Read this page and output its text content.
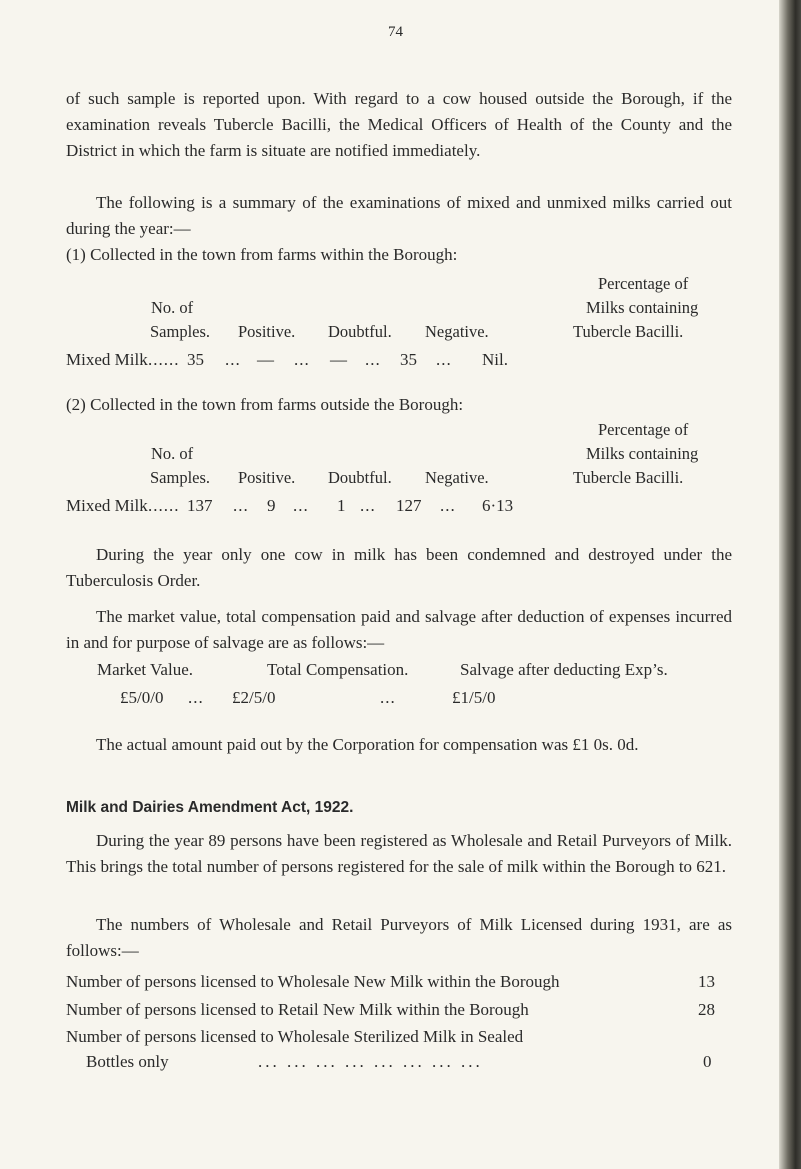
74
of such sample is reported upon. With regard to a cow housed outside the Borough, if the examination reveals Tubercle Bacilli, the Medical Officers of Health of the County and the District in which the farm is situate are notified immediately.
The following is a summary of the examinations of mixed and unmixed milks carried out during the year:—
(1) Collected in the town from farms within the Borough:
Percentage of
No. of	Milks containing
Samples. Positive. Doubtful. Negative.	Tubercle Bacilli.
Mixed Milk ...... 35 ... — ... — ... 35 ... Nil.
(2) Collected in the town from farms outside the Borough:
Percentage of
No. of	Milks containing
Samples. Positive. Doubtful. Negative.	Tubercle Bacilli.
Mixed Milk ...... 137 ... 9 ... 1 ... 127 ... 6·13
During the year only one cow in milk has been condemned and destroyed under the Tuberculosis Order.
The market value, total compensation paid and salvage after deduction of expenses incurred in and for purpose of salvage are as follows:—
Market Value.	Total Compensation.	Salvage after deducting Exp’s.
£5/0/0 ... £2/5/0	...	£1/5/0
The actual amount paid out by the Corporation for compensation was £1 0s. 0d.
Milk and Dairies Amendment Act, 1922.
During the year 89 persons have been registered as Wholesale and Retail Purveyors of Milk. This brings the total number of persons registered for the sale of milk within the Borough to 621.
The numbers of Wholesale and Retail Purveyors of Milk Licensed during 1931, are as follows:—
Number of persons licensed to Wholesale New Milk within the Borough	13
Number of persons licensed to Retail New Milk within the Borough	28
Number of persons licensed to Wholesale Sterilized Milk in Sealed
Bottles only	... ... ... ... ... ... ... ...	0
